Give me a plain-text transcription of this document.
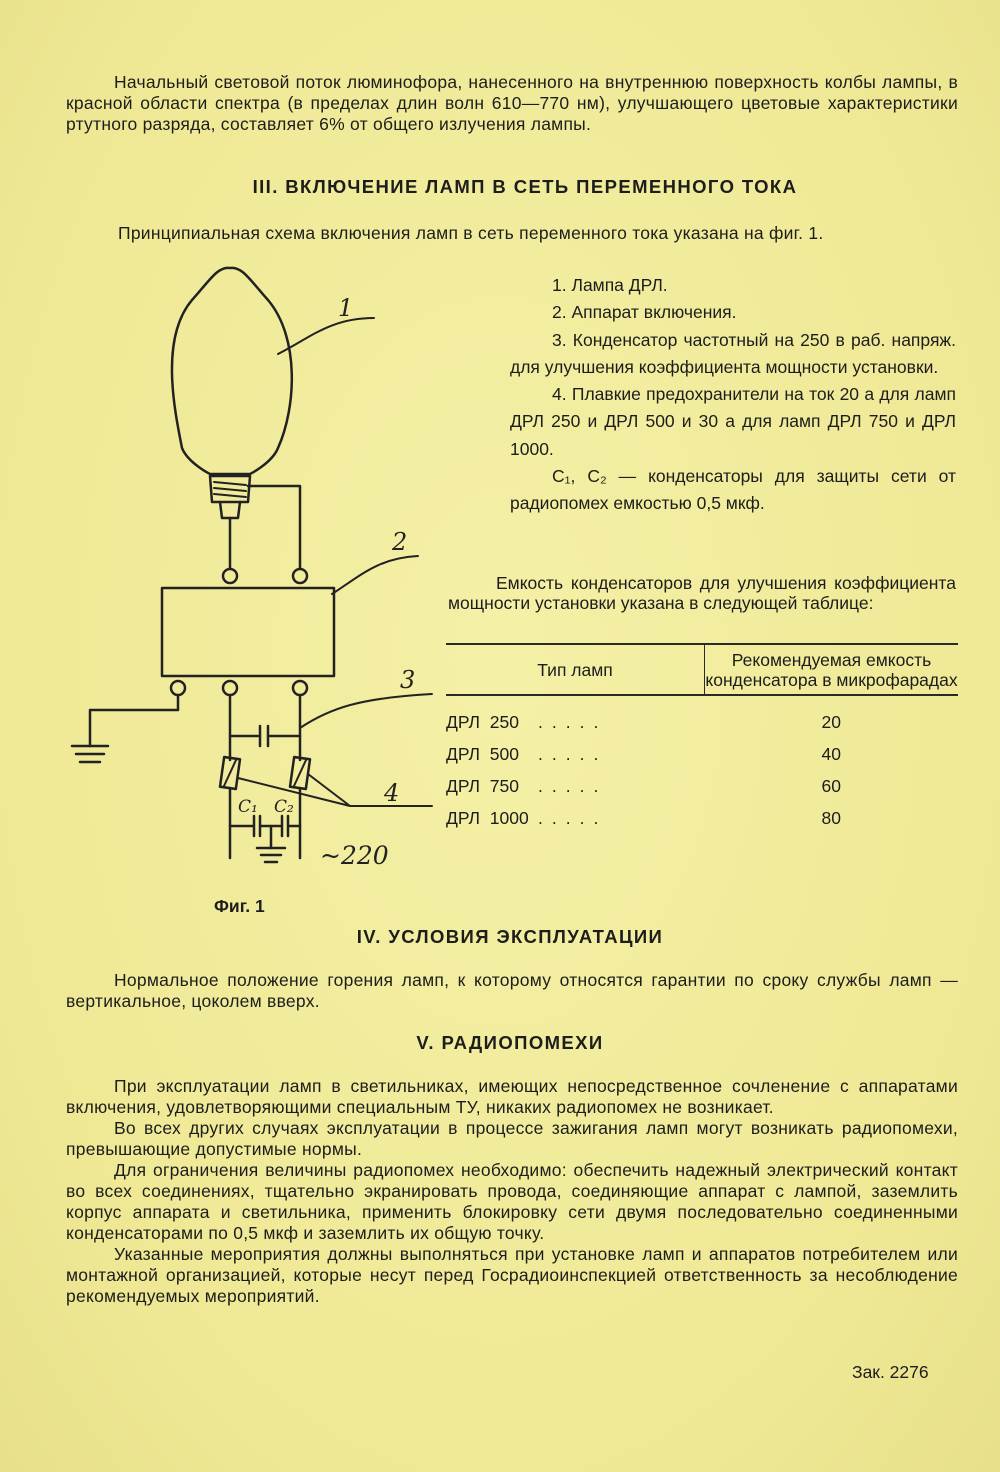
Начальный световой поток люминофора, нанесенного на внутреннюю поверхность колбы лампы, в красной области спектра (в пределах длин волн 610—770 нм), улучшающего цветовые характеристики ртутного разряда, составляет 6% от общего излучения лампы.

III. ВКЛЮЧЕНИЕ ЛАМП В СЕТЬ ПЕРЕМЕННОГО ТОКА

Принципиальная схема включения ламп в сеть переменного тока указана на фиг. 1.

1
2
3
4
C₁ C₂
~220
Фиг. 1

1. Лампа ДРЛ.

2. Аппарат включения.

3. Конденсатор частотный на 250 в раб. напряж. для улучшения коэффициента мощности установки.

4. Плавкие предохранители на ток 20 а для ламп ДРЛ 250 и ДРЛ 500 и 30 а для ламп ДРЛ 750 и ДРЛ 1000.

С₁, С₂ — конденсаторы для защиты сети от радиопомех емкостью 0,5 мкф.

Емкость конденсаторов для улучшения коэффициента мощности установки указана в следующей таблице:
Тип ламп	Рекомендуемая емкость конденсатора в микрофарадах
ДРЛ 250 .....	20
ДРЛ 500 .....	40
ДРЛ 750 .....	60
ДРЛ 1000 .....	80
IV. УСЛОВИЯ ЭКСПЛУАТАЦИИ

Нормальное положение горения ламп, к которому относятся гарантии по сроку службы ламп — вертикальное, цоколем вверх.

V. РАДИОПОМЕХИ

При эксплуатации ламп в светильниках, имеющих непосредственное сочленение с аппаратами включения, удовлетворяющими специальным ТУ, никаких радиопомех не возникает.

Во всех других случаях эксплуатации в процессе зажигания ламп могут возникать радиопомехи, превышающие допустимые нормы.

Для ограничения величины радиопомех необходимо: обеспечить надежный электрический контакт во всех соединениях, тщательно экранировать провода, соединяющие аппарат с лампой, заземлить корпус аппарата и светильника, применить блокировку сети двумя последовательно соединенными конденсаторами по 0,5 мкф и заземлить их общую точку.

Указанные мероприятия должны выполняться при установке ламп и аппаратов потребителем или монтажной организацией, которые несут перед Госрадиоинспекцией ответственность за несоблюдение рекомендуемых мероприятий.

Зак. 2276
